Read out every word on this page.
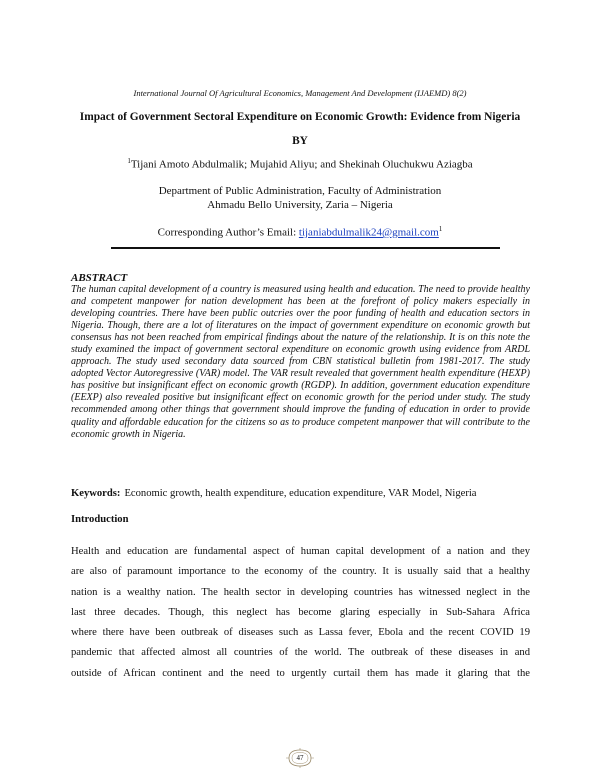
International Journal Of Agricultural Economics, Management And Development (IJAEMD) 8(2)
Impact of Government Sectoral Expenditure on Economic Growth: Evidence from Nigeria
BY
$^1$Tijani Amoto Abdulmalik; Mujahid Aliyu; and Shekinah Oluchukwu Aziagba
Department of Public Administration, Faculty of Administration
Ahmadu Bello University, Zaria – Nigeria
Corresponding Author’s Email: tijaniabdulmalik24@gmail.com$^1$
ABSTRACT
The human capital development of a country is measured using health and education. The need to provide healthy and competent manpower for nation development has been at the forefront of policy makers especially in developing countries. There have been public outcries over the poor funding of health and education sectors in Nigeria. Though, there are a lot of literatures on the impact of government expenditure on economic growth but consensus has not been reached from empirical findings about the nature of the relationship. It is on this note the study examined the impact of government sectoral expenditure on economic growth using evidence from ARDL approach. The study used secondary data sourced from CBN statistical bulletin from 1981-2017. The study adopted Vector Autoregressive (VAR) model. The VAR result revealed that government health expenditure (HEXP) has positive but insignificant effect on economic growth (RGDP). In addition, government education expenditure (EEXP) also revealed positive but insignificant effect on economic growth for the period under study. The study recommended among other things that government should improve the funding of education in order to provide quality and affordable education for the citizens so as to produce competent manpower that will contribute to the economic growth in Nigeria.
Keywords: Economic growth, health expenditure, education expenditure, VAR Model, Nigeria
Introduction
Health and education are fundamental aspect of human capital development of a nation and they
are also of paramount importance to the economy of the country. It is usually said that a healthy
nation is a wealthy nation. The health sector in developing countries has witnessed neglect in the
last three decades. Though, this neglect has become glaring especially in Sub-Sahara Africa
where there have been outbreak of diseases such as Lassa fever, Ebola and the recent COVID 19
pandemic that affected almost all countries of the world. The outbreak of these diseases in and
outside of African continent and the need to urgently curtail them has made it glaring that the
47
